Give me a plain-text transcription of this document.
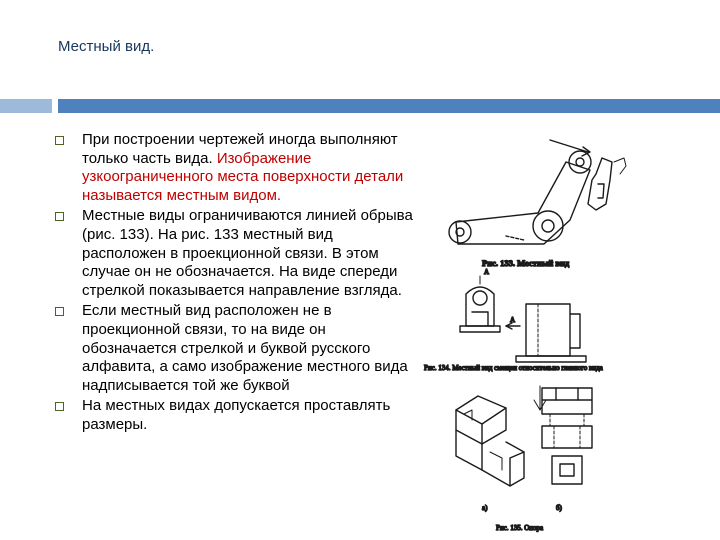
Местный вид.
При построении чертежей иногда выполняют только часть вида. Изображение узкоограниченного места поверхности детали называется местным видом.
Местные виды ограничиваются линией обрыва (рис. 133). На рис. 133 местный вид расположен в проекционной связи. В этом случае он не обозначается. На виде спереди стрелкой показывается направление взгляда.
Если местный вид расположен не в проекционной связи, то на виде он обозначается стрелкой и буквой русского алфавита, а само изображение местного вида надписывается той же буквой
На местных видах допускается проставлять размеры.
Рис. 133. Местный вид
А
А
Рис. 134. Местный вид смещен относительно главного вида
а)	б)
Рис. 135. Опора
